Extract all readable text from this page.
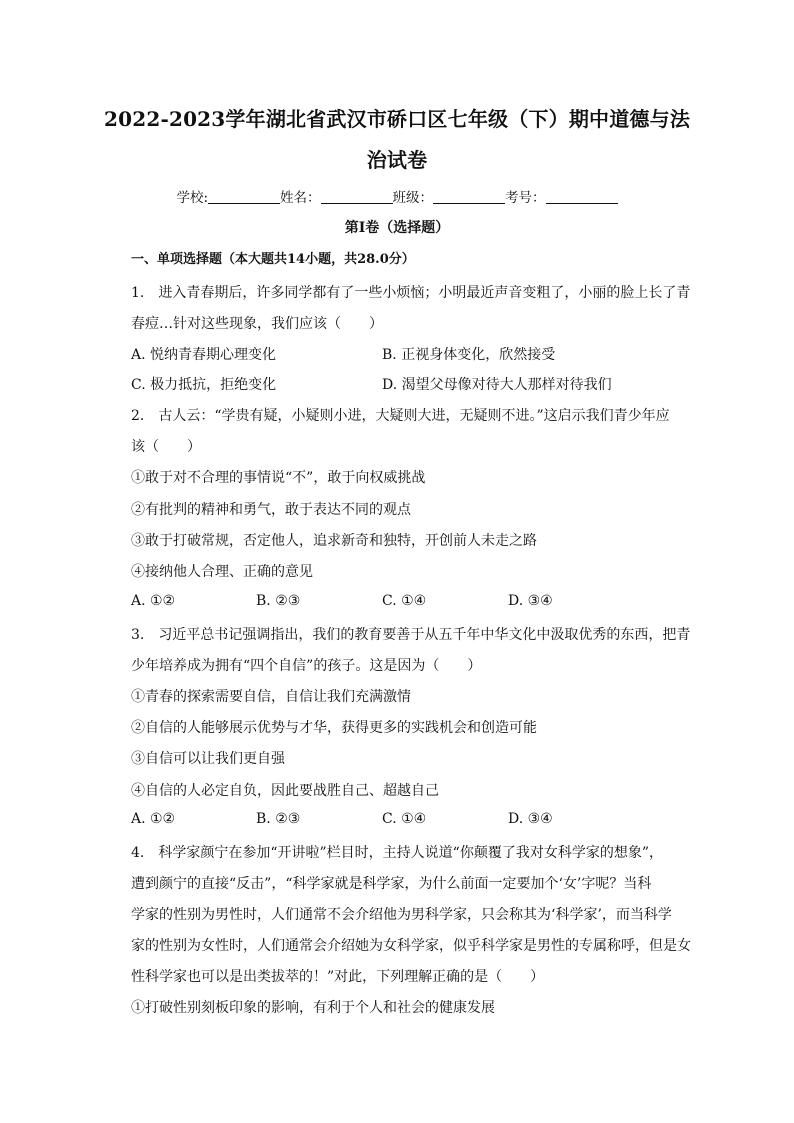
2022-2023学年湖北省武汉市硚口区七年级（下）期中道德与法
治试卷
学校:	姓名：	班级：	考号：
第Ⅰ卷（选择题）
一、单项选择题（本大题共14小题，共28.0分）
1.　进入青春期后，许多同学都有了一些小烦恼；小明最近声音变粗了，小丽的脸上长了青
春痘…针对这些现象，我们应该（　　）
A. 悦纳青春期心理变化	B. 正视身体变化，欣然接受
C. 极力抵抗，拒绝变化	D. 渴望父母像对待大人那样对待我们
2.　古人云：“学贵有疑，小疑则小进，大疑则大进，无疑则不进。”这启示我们青少年应
该（　　）
①敢于对不合理的事情说“不”，敢于向权威挑战
②有批判的精神和勇气，敢于表达不同的观点
③敢于打破常规，否定他人，追求新奇和独特，开创前人未走之路
④接纳他人合理、正确的意见
A. ①②	B. ②③	C. ①④	D. ③④
3.　习近平总书记强调指出，我们的教育要善于从五千年中华文化中汲取优秀的东西，把青
少年培养成为拥有“四个自信”的孩子。这是因为（　　）
①青春的探索需要自信，自信让我们充满激情
②自信的人能够展示优势与才华，获得更多的实践机会和创造可能
③自信可以让我们更自强
④自信的人必定自负，因此要战胜自己、超越自己
A. ①②	B. ②③	C. ①④	D. ③④
4.　科学家颜宁在参加“开讲啦”栏目时，主持人说道“你颠覆了我对女科学家的想象”，
遭到颜宁的直接“反击”，“科学家就是科学家，为什么前面一定要加个‘女’字呢？当科
学家的性别为男性时，人们通常不会介绍他为男科学家，只会称其为‘科学家’，而当科学
家的性别为女性时，人们通常会介绍她为女科学家，似乎科学家是男性的专属称呼，但是女
性科学家也可以是出类拔萃的！”对此，下列理解正确的是（　　）
①打破性别刻板印象的影响，有利于个人和社会的健康发展
